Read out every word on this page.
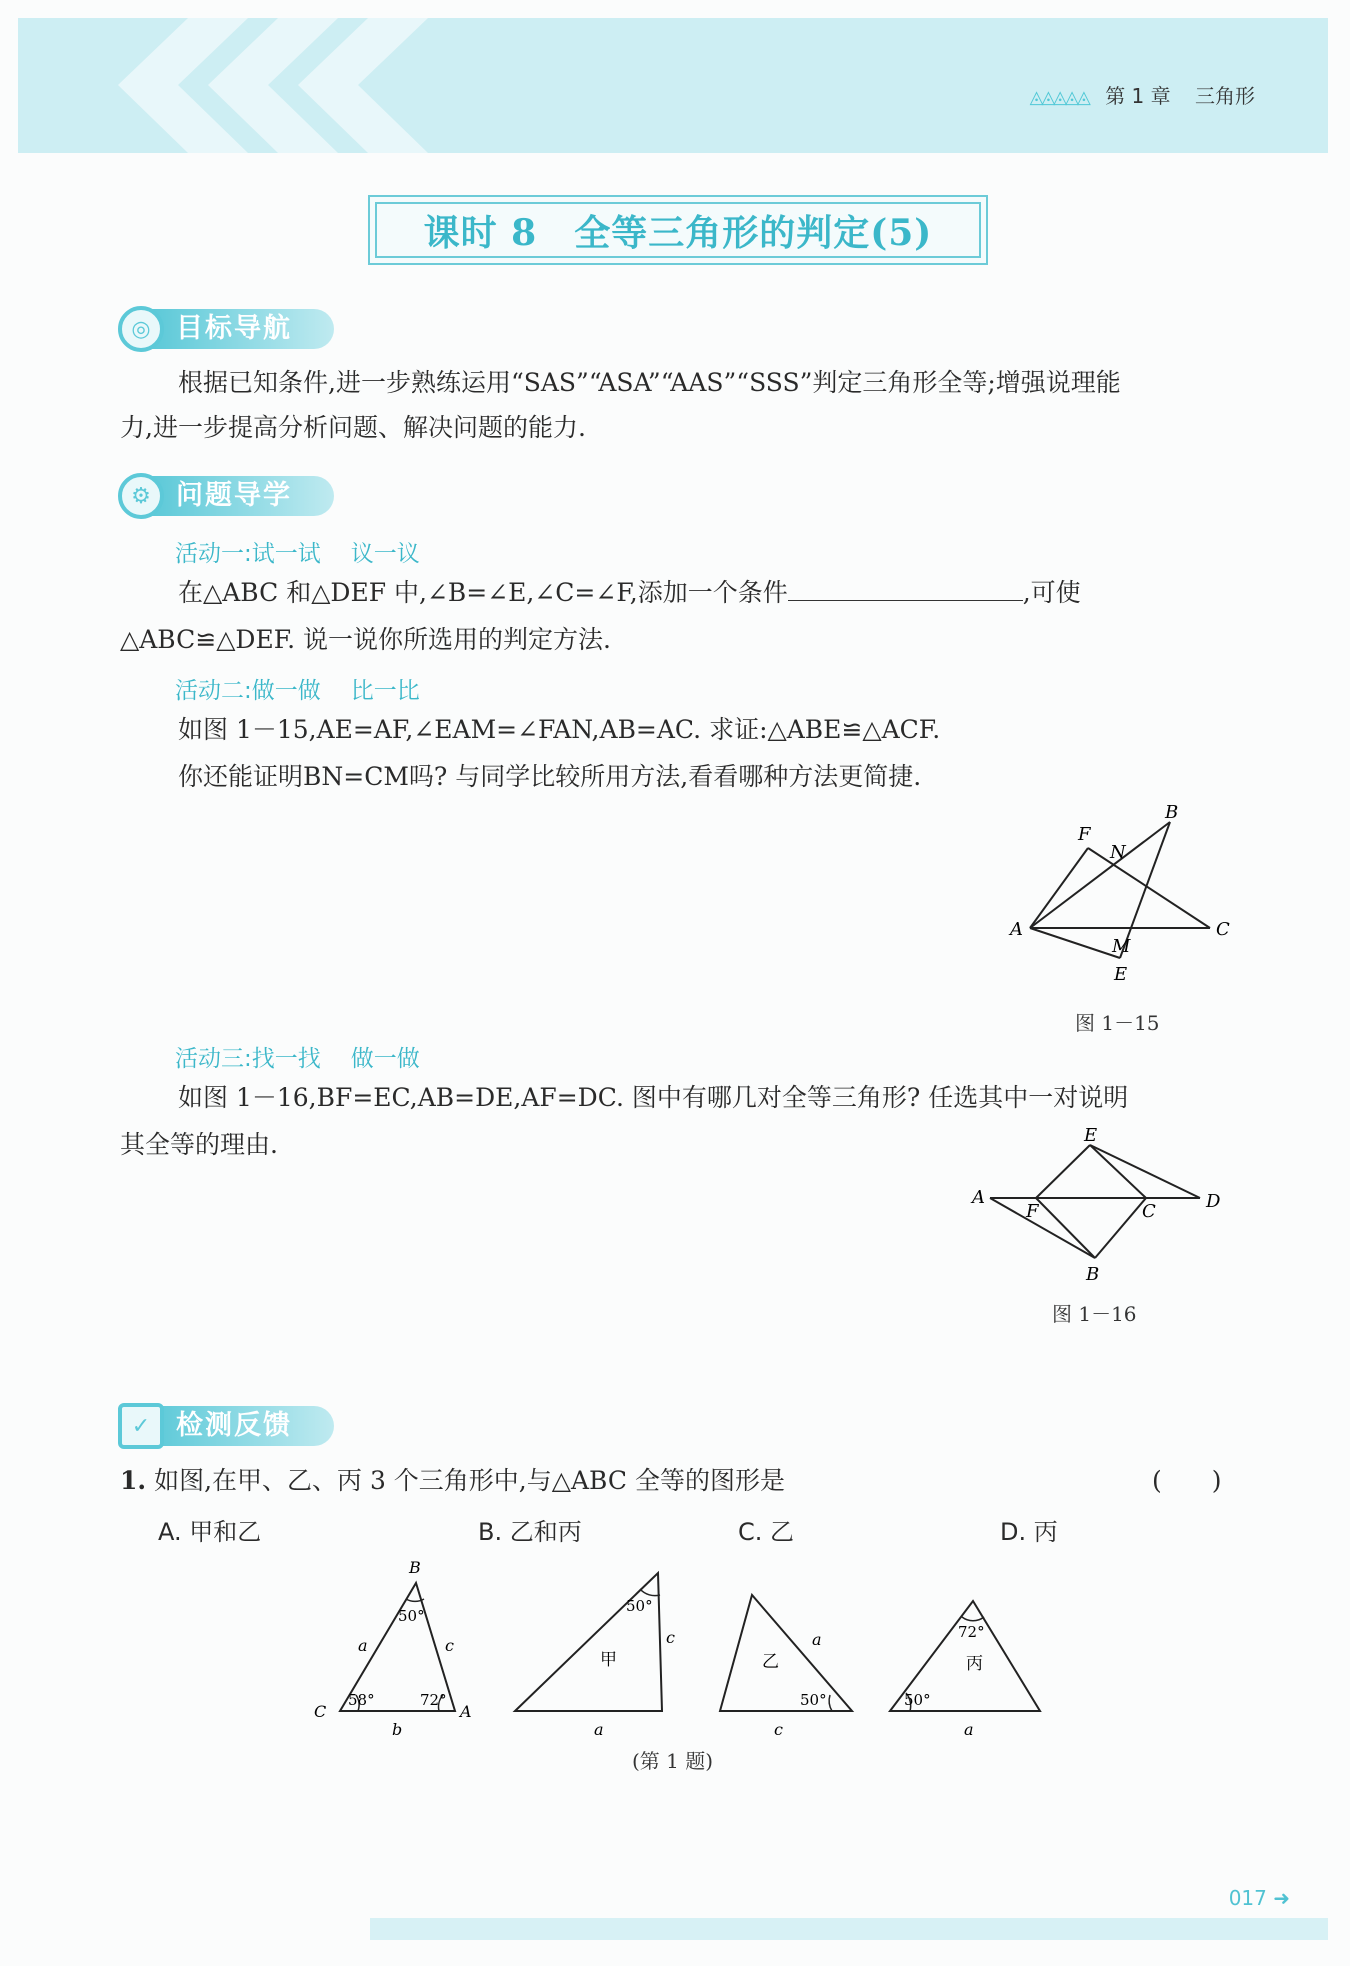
◬◬◬◬◬ 第 1 章 三角形
课时 8　全等三角形的判定(5)
◎ 目标导航
根据已知条件,进一步熟练运用“SAS”“ASA”“AAS”“SSS”判定三角形全等;增强说理能
力,进一步提高分析问题、解决问题的能力.
⚙ 问题导学
活动一:试一试 议一议
在△ABC 和△DEF 中,∠B=∠E,∠C=∠F,添加一个条件	,可使
△ABC≌△DEF. 说一说你所选用的判定方法.
活动二:做一做 比一比
如图 1－15,AE=AF,∠EAM=∠FAN,AB=AC. 求证:△ABE≌△ACF.
你还能证明BN=CM吗? 与同学比较所用方法,看看哪种方法更简捷.
A
B
C
E
F
M
N
图 1－15
活动三:找一找 做一做
如图 1－16,BF=EC,AB=DE,AF=DC. 图中有哪几对全等三角形? 任选其中一对说明
其全等的理由.
A
B
C	D
E
F
图 1－16
✓ 检测反馈
1. 如图,在甲、乙、丙 3 个三角形中,与△ABC 全等的图形是	(　　)
A. 甲和乙	B. 乙和丙	C. 乙	D. 丙
B
C	A
a
b
c
50°
58°	72°
50°
甲
c
a
50°
乙
a
c
72°
50°
丙
a
(第 1 题)
017 ➜
